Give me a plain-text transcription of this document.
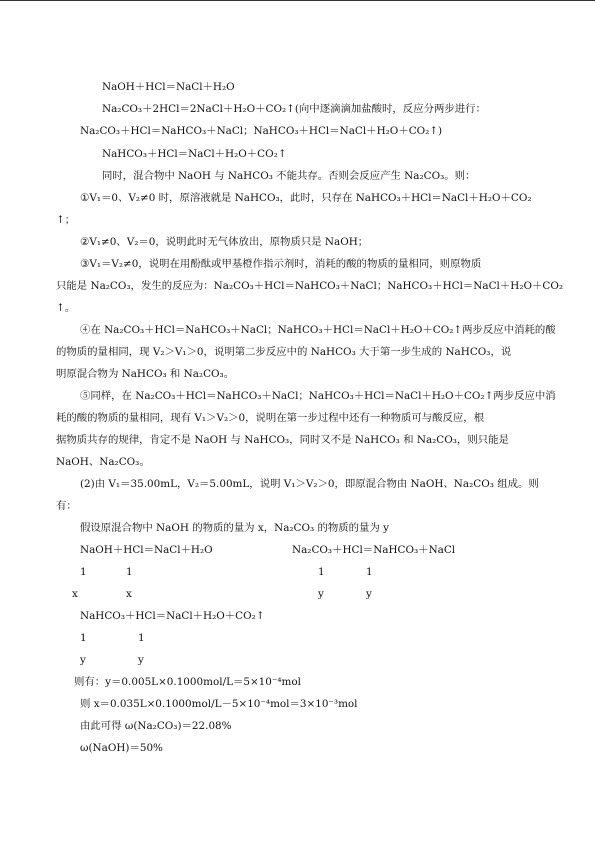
NaOH＋HCl＝NaCl＋H₂O
Na₂CO₃＋2HCl＝2NaCl＋H₂O＋CO₂↑(向中逐滴滴加盐酸时，反应分两步进行：
Na₂CO₃＋HCl＝NaHCO₃＋NaCl；NaHCO₃＋HCl＝NaCl＋H₂O＋CO₂↑)
NaHCO₃＋HCl＝NaCl＋H₂O＋CO₂↑
同时，混合物中 NaOH 与 NaHCO₃ 不能共存。否则会反应产生 Na₂CO₃。则：
①V₁＝0、V₂≠0 时，原溶液就是 NaHCO₃，此时，只存在 NaHCO₃＋HCl＝NaCl＋H₂O＋CO₂
↑；
②V₁≠0、V₂＝0，说明此时无气体放出，原物质只是 NaOH；
③V₁＝V₂≠0，说明在用酚酞或甲基橙作指示剂时，消耗的酸的物质的量相同，则原物质
只能是 Na₂CO₃，发生的反应为：Na₂CO₃＋HCl＝NaHCO₃＋NaCl；NaHCO₃＋HCl＝NaCl＋H₂O＋CO₂
↑。
④在 Na₂CO₃＋HCl＝NaHCO₃＋NaCl；NaHCO₃＋HCl＝NaCl＋H₂O＋CO₂↑两步反应中消耗的酸
的物质的量相同，现 V₂＞V₁＞0，说明第二步反应中的 NaHCO₃ 大于第一步生成的 NaHCO₃，说
明原混合物为 NaHCO₃ 和 Na₂CO₃。
⑤同样，在 Na₂CO₃＋HCl＝NaHCO₃＋NaCl；NaHCO₃＋HCl＝NaCl＋H₂O＋CO₂↑两步反应中消
耗的酸的物质的量相同，现有 V₁＞V₂＞0，说明在第一步过程中还有一种物质可与酸反应，根
据物质共存的规律，肯定不是 NaOH 与 NaHCO₃，同时又不是 NaHCO₃ 和 Na₂CO₃，则只能是
NaOH、Na₂CO₃。
(2)由 V₁＝35.00mL，V₂＝5.00mL，说明 V₁＞V₂＞0，即原混合物由 NaOH、Na₂CO₃ 组成。则
有：
假设原混合物中 NaOH 的物质的量为 x，Na₂CO₃ 的物质的量为 y
NaOH＋HCl＝NaCl＋H₂O	Na₂CO₃＋HCl＝NaHCO₃＋NaCl
1	1	1	1
x	x	y	y
NaHCO₃＋HCl＝NaCl＋H₂O＋CO₂↑
1	1
y	y
则有：y＝0.005L×0.1000mol/L＝5×10⁻⁴mol
则 x＝0.035L×0.1000mol/L－5×10⁻⁴mol＝3×10⁻³mol
由此可得 ω(Na₂CO₃)＝22.08%
ω(NaOH)＝50%
